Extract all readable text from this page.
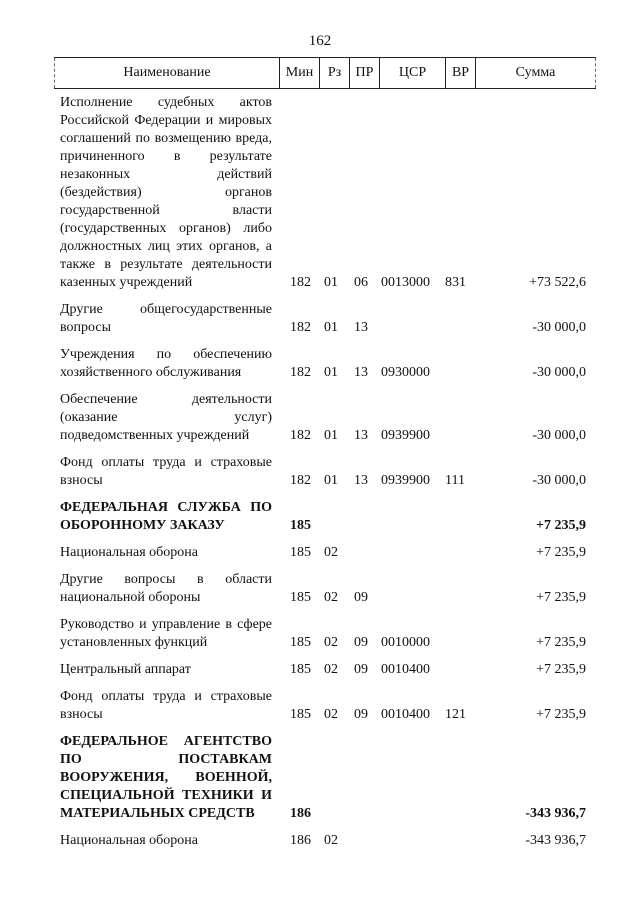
162
Наименование	Мин	Рз	ПР	ЦСР	ВР	Сумма
Исполнение судебных актов Российской Федерации и мировых соглашений по возмещению вреда, причиненного в результате незаконных действий (бездействия) органов государственной власти (государственных органов) либо должностных лиц этих органов, а также в результате деятельности казенных учреждений	182 01 06 0013000 831	+73 522,6
Другие общегосударственные вопросы	182 01 13	-30 000,0
Учреждения по обеспечению хозяйственного обслуживания	182 01 13 0930000	-30 000,0
Обеспечение деятельности (оказание услуг) подведомственных учреждений	182 01 13 0939900	-30 000,0
Фонд оплаты труда и страховые взносы	182 01 13 0939900 111	-30 000,0
ФЕДЕРАЛЬНАЯ СЛУЖБА ПО ОБОРОННОМУ ЗАКАЗУ	185	+7 235,9
Национальная оборона	185 02	+7 235,9
Другие вопросы в области национальной обороны	185 02 09	+7 235,9
Руководство и управление в сфере установленных функций	185 02 09 0010000	+7 235,9
Центральный аппарат	185 02 09 0010400	+7 235,9
Фонд оплаты труда и страховые взносы	185 02 09 0010400 121	+7 235,9
ФЕДЕРАЛЬНОЕ АГЕНТСТВО ПО ПОСТАВКАМ ВООРУЖЕНИЯ, ВОЕННОЙ, СПЕЦИАЛЬНОЙ ТЕХНИКИ И МАТЕРИАЛЬНЫХ СРЕДСТВ	186	-343 936,7
Национальная оборона	186 02	-343 936,7
